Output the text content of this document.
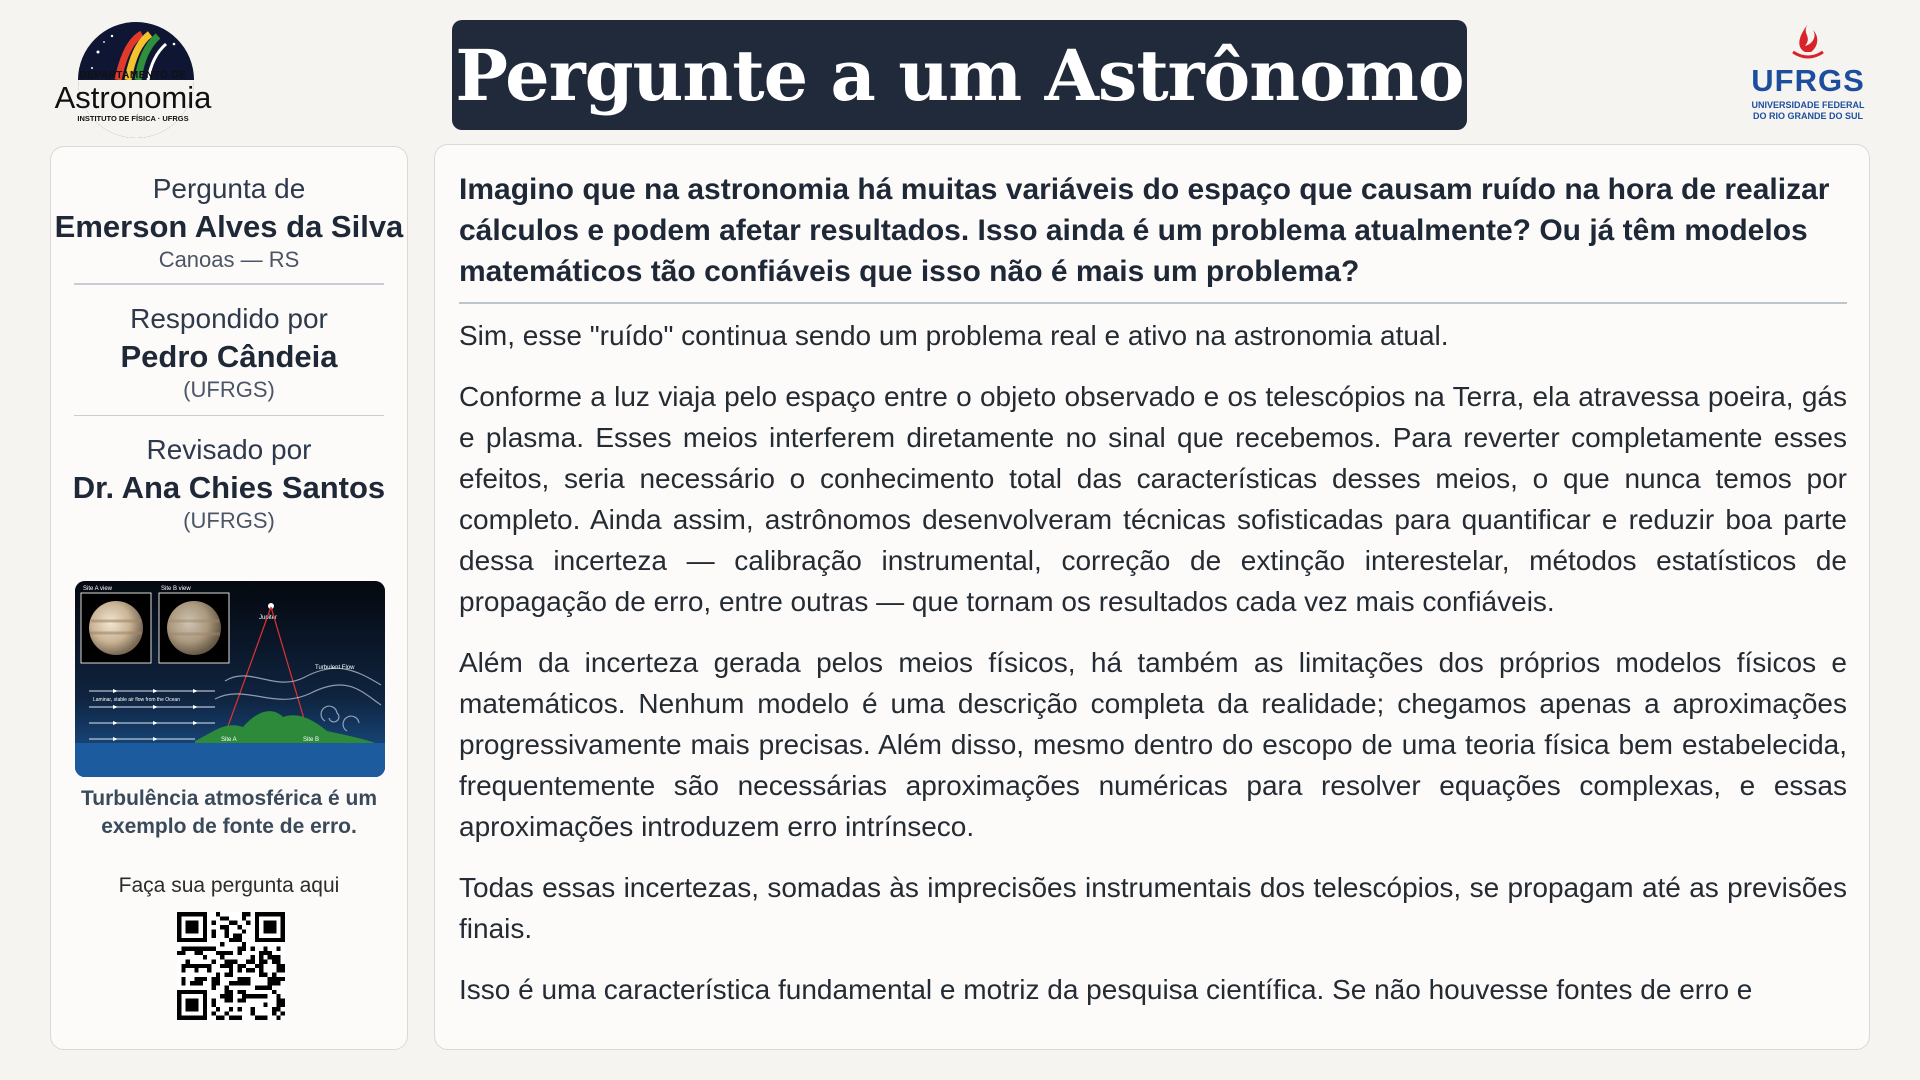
DEPARTAMENTO DE
Astronomia
INSTITUTO DE FÍSICA · UFRGS
Pergunte a um Astrônomo	UFRGS
UNIVERSIDADE FEDERAL
DO RIO GRANDE DO SUL
Pergunta de
Emerson Alves da Silva
Canoas — RS
Respondido por
Pedro Cândeia
(UFRGS)
Revisado por
Dr. Ana Chies Santos
(UFRGS)
Site A view	Site B view
Jupiter
Turbulent Flow
Laminar, stable air flow from the Ocean
Site A	Site B
Turbulência atmosférica é um exemplo de fonte de erro.
Faça sua pergunta aqui

Imagino que na astronomia há muitas variáveis do espaço que causam ruído na hora de realizar cálculos e podem afetar resultados. Isso ainda é um problema atualmente? Ou já têm modelos matemáticos tão confiáveis que isso não é mais um problema?

Sim, esse "ruído" continua sendo um problema real e ativo na astronomia atual.

Conforme a luz viaja pelo espaço entre o objeto observado e os telescópios na Terra, ela atravessa poeira, gás e plasma. Esses meios interferem diretamente no sinal que recebemos. Para reverter completamente esses efeitos, seria necessário o conhecimento total das características desses meios, o que nunca temos por completo. Ainda assim, astrônomos desenvolveram técnicas sofisticadas para quantificar e reduzir boa parte dessa incerteza — calibração instrumental, correção de extinção interestelar, métodos estatísticos de propagação de erro, entre outras — que tornam os resultados cada vez mais confiáveis.

Além da incerteza gerada pelos meios físicos, há também as limitações dos próprios modelos físicos e matemáticos. Nenhum modelo é uma descrição completa da realidade; chegamos apenas a aproximações progressivamente mais precisas. Além disso, mesmo dentro do escopo de uma teoria física bem estabelecida, frequentemente são necessárias aproximações numéricas para resolver equações complexas, e essas aproximações introduzem erro intrínseco.

Todas essas incertezas, somadas às imprecisões instrumentais dos telescópios, se propagam até as previsões finais.

Isso é uma característica fundamental e motriz da pesquisa científica. Se não houvesse fontes de erro e
